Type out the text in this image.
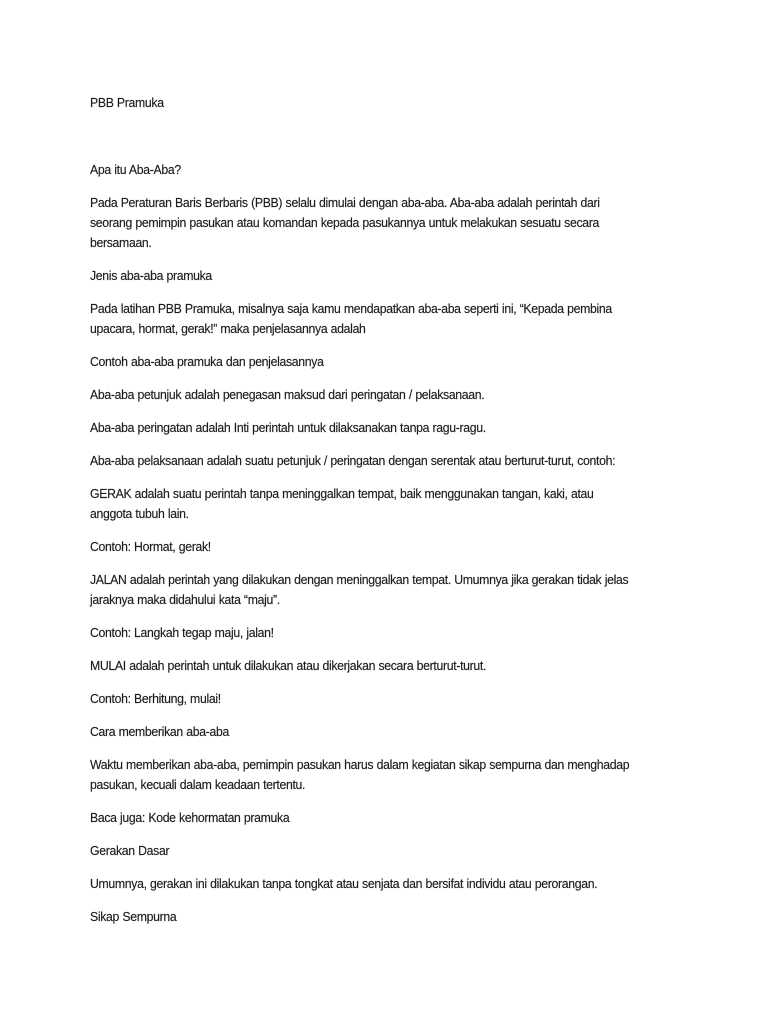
PBB Pramuka
Apa itu Aba-Aba?
Pada Peraturan Baris Berbaris (PBB) selalu dimulai dengan aba-aba. Aba-aba adalah perintah dari
seorang pemimpin pasukan atau komandan kepada pasukannya untuk melakukan sesuatu secara
bersamaan.
Jenis aba-aba pramuka
Pada latihan PBB Pramuka, misalnya saja kamu mendapatkan aba-aba seperti ini, “Kepada pembina
upacara, hormat, gerak!” maka penjelasannya adalah
Contoh aba-aba pramuka dan penjelasannya
Aba-aba petunjuk adalah penegasan maksud dari peringatan / pelaksanaan.
Aba-aba peringatan adalah Inti perintah untuk dilaksanakan tanpa ragu-ragu.
Aba-aba pelaksanaan adalah suatu petunjuk / peringatan dengan serentak atau berturut-turut, contoh:
GERAK adalah suatu perintah tanpa meninggalkan tempat, baik menggunakan tangan, kaki, atau
anggota tubuh lain.
Contoh: Hormat, gerak!
JALAN adalah perintah yang dilakukan dengan meninggalkan tempat. Umumnya jika gerakan tidak jelas
jaraknya maka didahului kata “maju”.
Contoh: Langkah tegap maju, jalan!
MULAI adalah perintah untuk dilakukan atau dikerjakan secara berturut-turut.
Contoh: Berhitung, mulai!
Cara memberikan aba-aba
Waktu memberikan aba-aba, pemimpin pasukan harus dalam kegiatan sikap sempurna dan menghadap
pasukan, kecuali dalam keadaan tertentu.
Baca juga: Kode kehormatan pramuka
Gerakan Dasar
Umumnya, gerakan ini dilakukan tanpa tongkat atau senjata dan bersifat individu atau perorangan.
Sikap Sempurna
